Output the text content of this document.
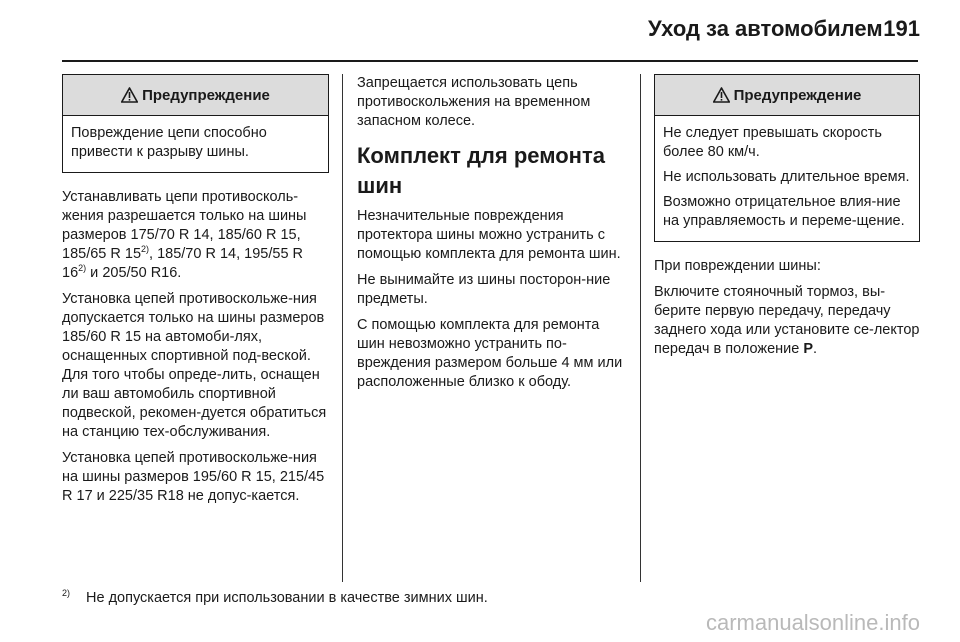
Уход за автомобилем 191
Предупреждение

Повреждение цепи способно привести к разрыву шины.

Устанавливать цепи противосколь-жения разрешается только на шины размеров 175/70 R 14, 185/60 R 15, 185/65 R 15$^{2)}$, 185/70 R 14, 195/55 R 16$^{2)}$ и 205/50 R16.

Установка цепей противоскольже-ния допускается только на шины размеров 185/60 R 15 на автомоби-лях, оснащенных спортивной под-веской. Для того чтобы опреде-лить, оснащен ли ваш автомобиль спортивной подвеской, рекомен-дуется обратиться на станцию тех-обслуживания.

Установка цепей противоскольже-ния на шины размеров 195/60 R 15, 215/45 R 17 и 225/35 R18 не допус-кается.

Запрещается использовать цепь противоскольжения на временном запасном колесе.

Комплект для ремонта шин

Незначительные повреждения протектора шины можно устранить с помощью комплекта для ремонта шин.

Не вынимайте из шины посторон-ние предметы.

С помощью комплекта для ремонта шин невозможно устранить по-вреждения размером больше 4 мм или расположенные близко к ободу.

Предупреждение

Не следует превышать скорость более 80 км/ч.

Не использовать длительное время.

Возможно отрицательное влия-ние на управляемость и переме-щение.

При повреждении шины:

Включите стояночный тормоз, вы-берите первую передачу, передачу заднего хода или установите се-лектор передач в положение P.

$^{2)}$ Не допускается при использовании в качестве зимних шин.
carmanualsonline.info
